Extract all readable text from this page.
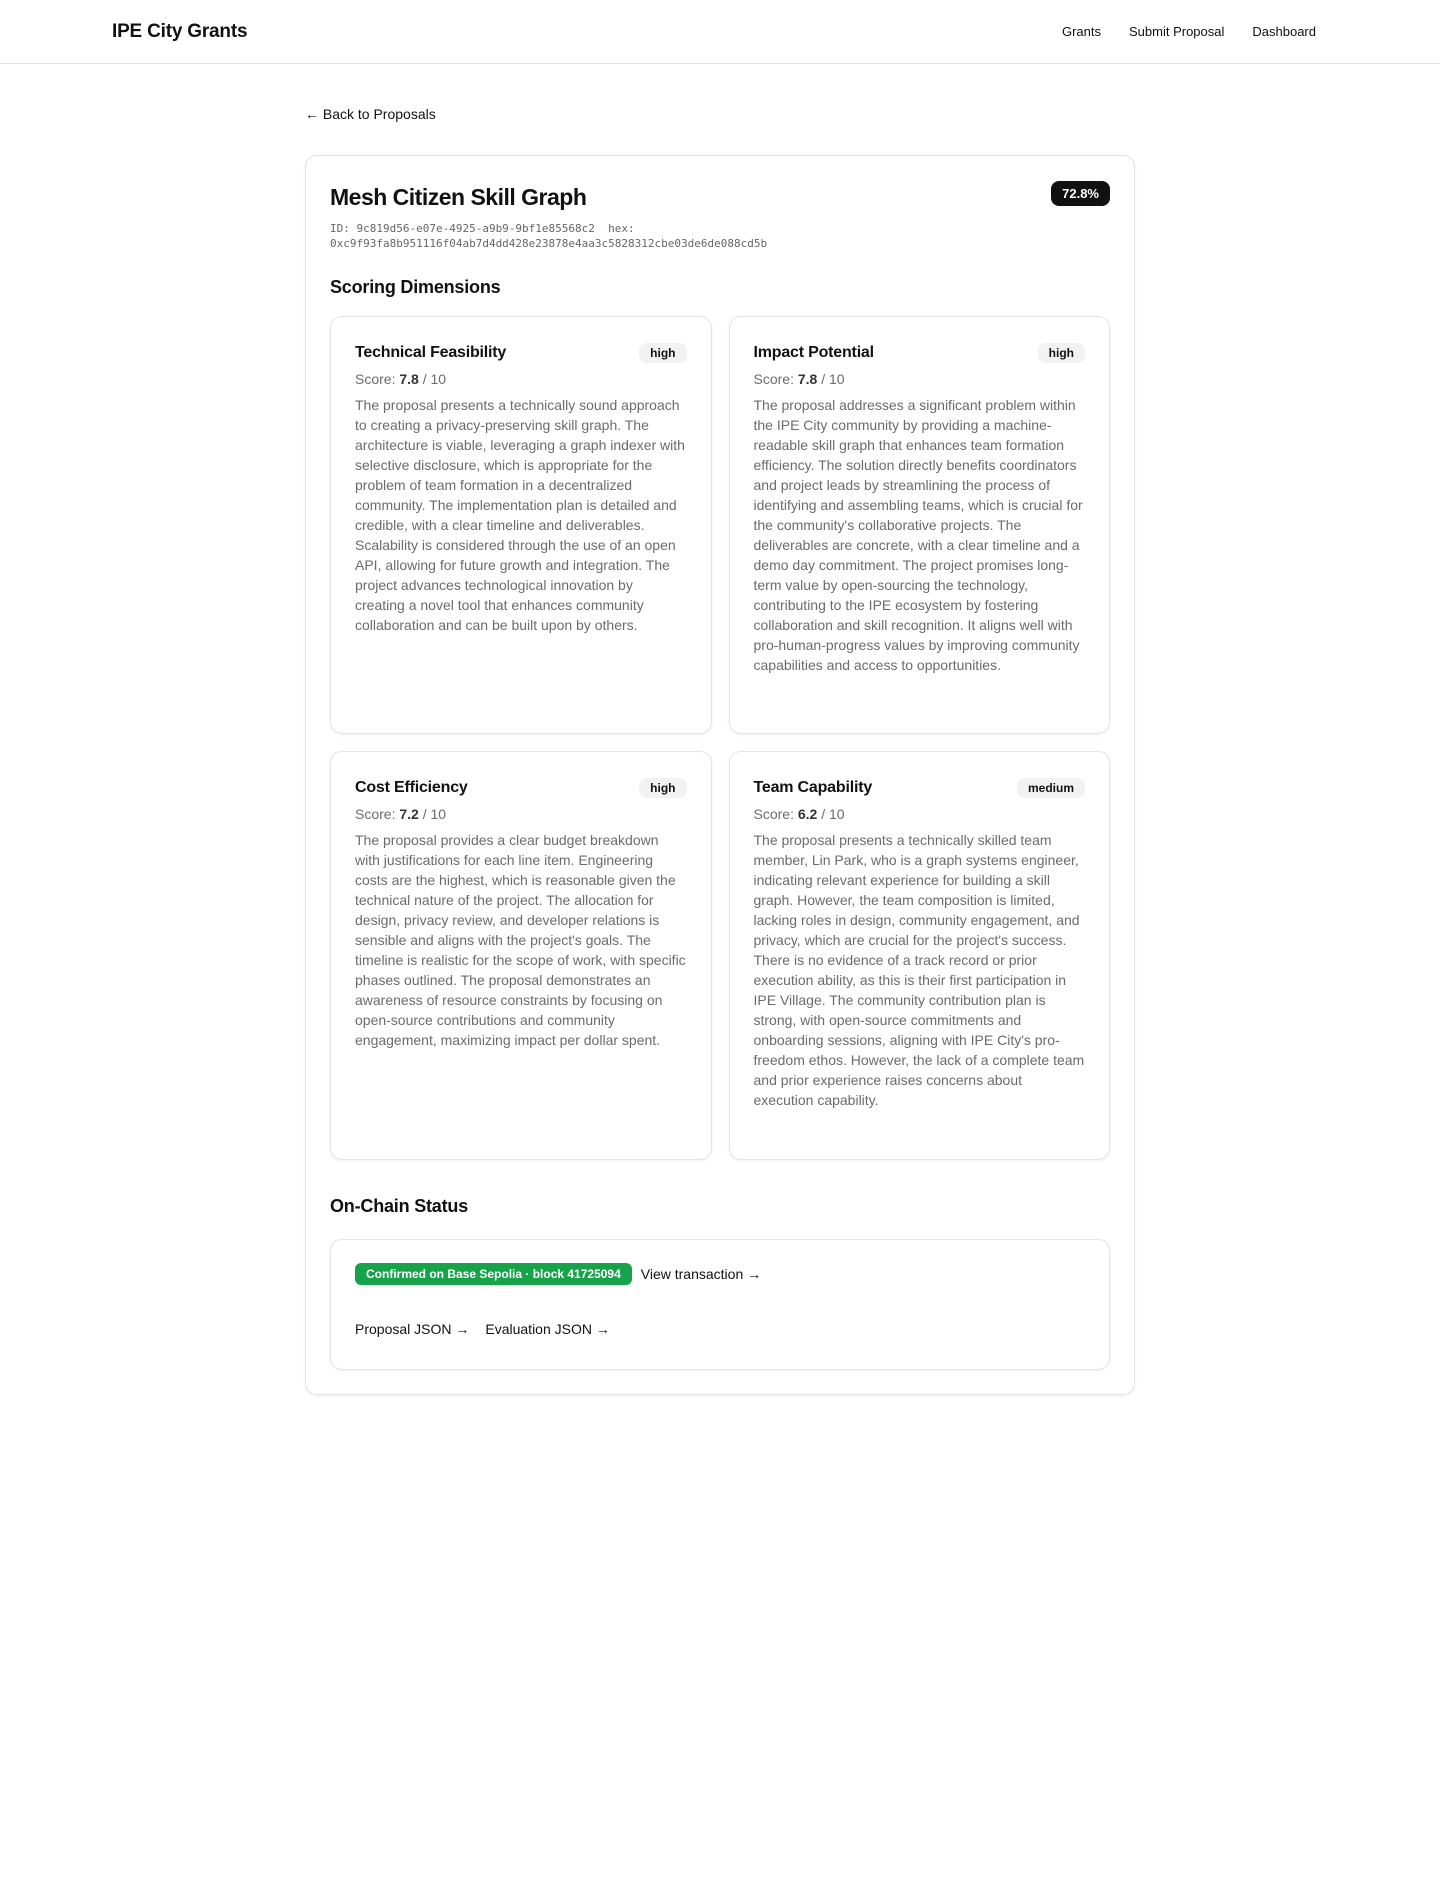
IPE City Grants	Grants Submit Proposal Dashboard
← Back to Proposals
Mesh Citizen Skill Graph	72.8%
ID: 9c819d56-e07e-4925-a9b9-9bf1e85568c2  hex:
0xc9f93fa8b951116f04ab7d4dd428e23878e4aa3c5828312cbe03de6de088cd5b
Scoring Dimensions
Technical Feasibility	high
Score: 7.8 / 10

The proposal presents a technically sound approach to creating a privacy-preserving skill graph. The architecture is viable, leveraging a graph indexer with selective disclosure, which is appropriate for the problem of team formation in a decentralized community. The implementation plan is detailed and credible, with a clear timeline and deliverables. Scalability is considered through the use of an open API, allowing for future growth and integration. The project advances technological innovation by creating a novel tool that enhances community collaboration and can be built upon by others.

Impact Potential	high
Score: 7.8 / 10

The proposal addresses a significant problem within the IPE City community by providing a machine-readable skill graph that enhances team formation efficiency. The solution directly benefits coordinators and project leads by streamlining the process of identifying and assembling teams, which is crucial for the community's collaborative projects. The deliverables are concrete, with a clear timeline and a demo day commitment. The project promises long-term value by open-sourcing the technology, contributing to the IPE ecosystem by fostering collaboration and skill recognition. It aligns well with pro-human-progress values by improving community capabilities and access to opportunities.

Cost Efficiency	high
Score: 7.2 / 10

The proposal provides a clear budget breakdown with justifications for each line item. Engineering costs are the highest, which is reasonable given the technical nature of the project. The allocation for design, privacy review, and developer relations is sensible and aligns with the project's goals. The timeline is realistic for the scope of work, with specific phases outlined. The proposal demonstrates an awareness of resource constraints by focusing on open-source contributions and community engagement, maximizing impact per dollar spent.

Team Capability	medium
Score: 6.2 / 10

The proposal presents a technically skilled team member, Lin Park, who is a graph systems engineer, indicating relevant experience for building a skill graph. However, the team composition is limited, lacking roles in design, community engagement, and privacy, which are crucial for the project's success. There is no evidence of a track record or prior execution ability, as this is their first participation in IPE Village. The community contribution plan is strong, with open-source commitments and onboarding sessions, aligning with IPE City's pro-freedom ethos. However, the lack of a complete team and prior experience raises concerns about execution capability.

On-Chain Status
Confirmed on Base Sepolia · block 41725094	View transaction →
Proposal JSON → Evaluation JSON →
